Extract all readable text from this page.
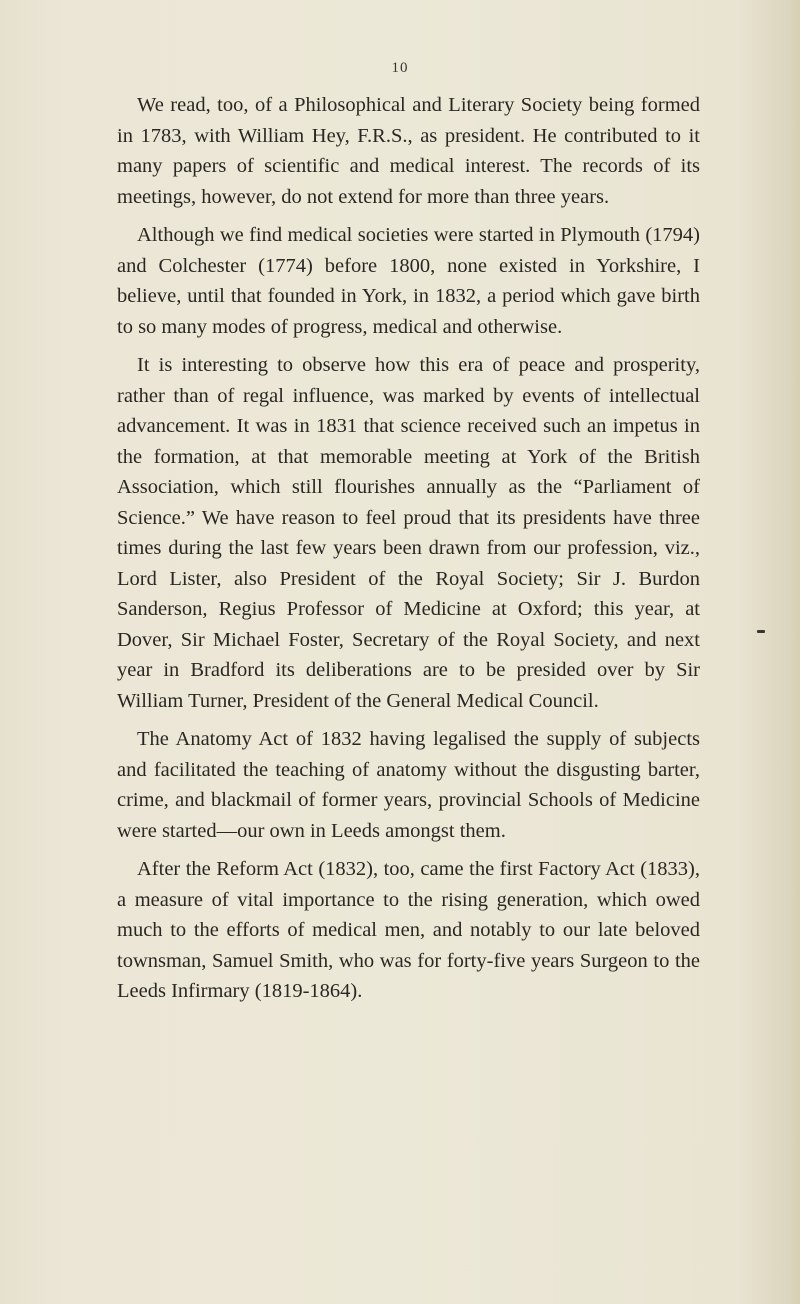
10

We read, too, of a Philosophical and Literary Society being formed in 1783, with William Hey, F.R.S., as president. He contributed to it many papers of scientific and medical interest. The records of its meetings, however, do not extend for more than three years.

Although we find medical societies were started in Plymouth (1794) and Colchester (1774) before 1800, none existed in Yorkshire, I believe, until that founded in York, in 1832, a period which gave birth to so many modes of progress, medical and otherwise.

It is interesting to observe how this era of peace and prosperity, rather than of regal influence, was marked by events of intellectual advancement. It was in 1831 that science received such an impetus in the formation, at that memorable meeting at York of the British Association, which still flourishes annually as the “Parliament of Science.” We have reason to feel proud that its presidents have three times during the last few years been drawn from our profession, viz., Lord Lister, also President of the Royal Society; Sir J. Burdon Sanderson, Regius Professor of Medicine at Oxford; this year, at Dover, Sir Michael Foster, Secretary of the Royal Society, and next year in Bradford its deliberations are to be presided over by Sir William Turner, President of the General Medical Council.

The Anatomy Act of 1832 having legalised the supply of subjects and facilitated the teaching of anatomy without the disgusting barter, crime, and blackmail of former years, provincial Schools of Medicine were started—our own in Leeds amongst them.

After the Reform Act (1832), too, came the first Factory Act (1833), a measure of vital importance to the rising generation, which owed much to the efforts of medical men, and notably to our late beloved townsman, Samuel Smith, who was for forty-five years Surgeon to the Leeds Infirmary (1819-1864).
